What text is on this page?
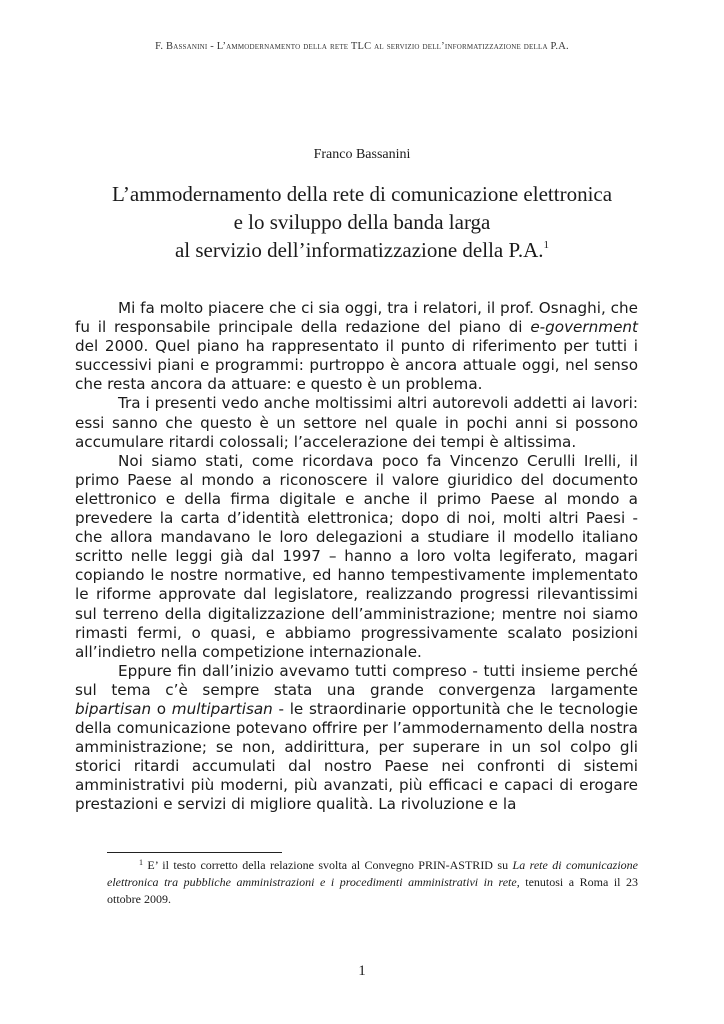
F. Bassanini - L’ammodernamento della rete TLC al servizio dell’informatizzazione della P.A.
Franco Bassanini
L’ammodernamento della rete di comunicazione elettronica
e lo sviluppo della banda larga
al servizio dell’informatizzazione della P.A.$^1$

Mi fa molto piacere che ci sia oggi, tra i relatori, il prof. Osnaghi, che fu il responsabile principale della redazione del piano di e-government del 2000. Quel piano ha rappresentato il punto di riferimento per tutti i successivi piani e programmi: purtroppo è ancora attuale oggi, nel senso che resta ancora da attuare: e questo è un problema.

Tra i presenti vedo anche moltissimi altri autorevoli addetti ai lavori: essi sanno che questo è un settore nel quale in pochi anni si possono accumulare ritardi colossali; l’accelerazione dei tempi è altissima.

Noi siamo stati, come ricordava poco fa Vincenzo Cerulli Irelli, il primo Paese al mondo a riconoscere il valore giuridico del documento elettronico e della firma digitale e anche il primo Paese al mondo a prevedere la carta d’identità elettronica; dopo di noi, molti altri Paesi - che allora mandavano le loro delegazioni a studiare il modello italiano scritto nelle leggi già dal 1997 – hanno a loro volta legiferato, magari copiando le nostre normative, ed hanno tempestivamente implementato le riforme approvate dal legislatore, realizzando progressi rilevantissimi sul terreno della digitalizzazione dell’amministrazione; mentre noi siamo rimasti fermi, o quasi, e abbiamo progressivamente scalato posizioni all’indietro nella competizione internazionale.

Eppure fin dall’inizio avevamo tutti compreso - tutti insieme perché sul tema c’è sempre stata una grande convergenza largamente bipartisan o multipartisan - le straordinarie opportunità che le tecnologie della comunicazione potevano offrire per l’ammodernamento della nostra amministrazione; se non, addirittura, per superare in un sol colpo gli storici ritardi accumulati dal nostro Paese nei confronti di sistemi amministrativi più moderni, più avanzati, più efficaci e capaci di erogare prestazioni e servizi di migliore qualità. La rivoluzione e la

$^1$ E’ il testo corretto della relazione svolta al Convegno PRIN-ASTRID su La rete di comunicazione elettronica tra pubbliche amministrazioni e i procedimenti amministrativi in rete, tenutosi a Roma il 23 ottobre 2009.
1
